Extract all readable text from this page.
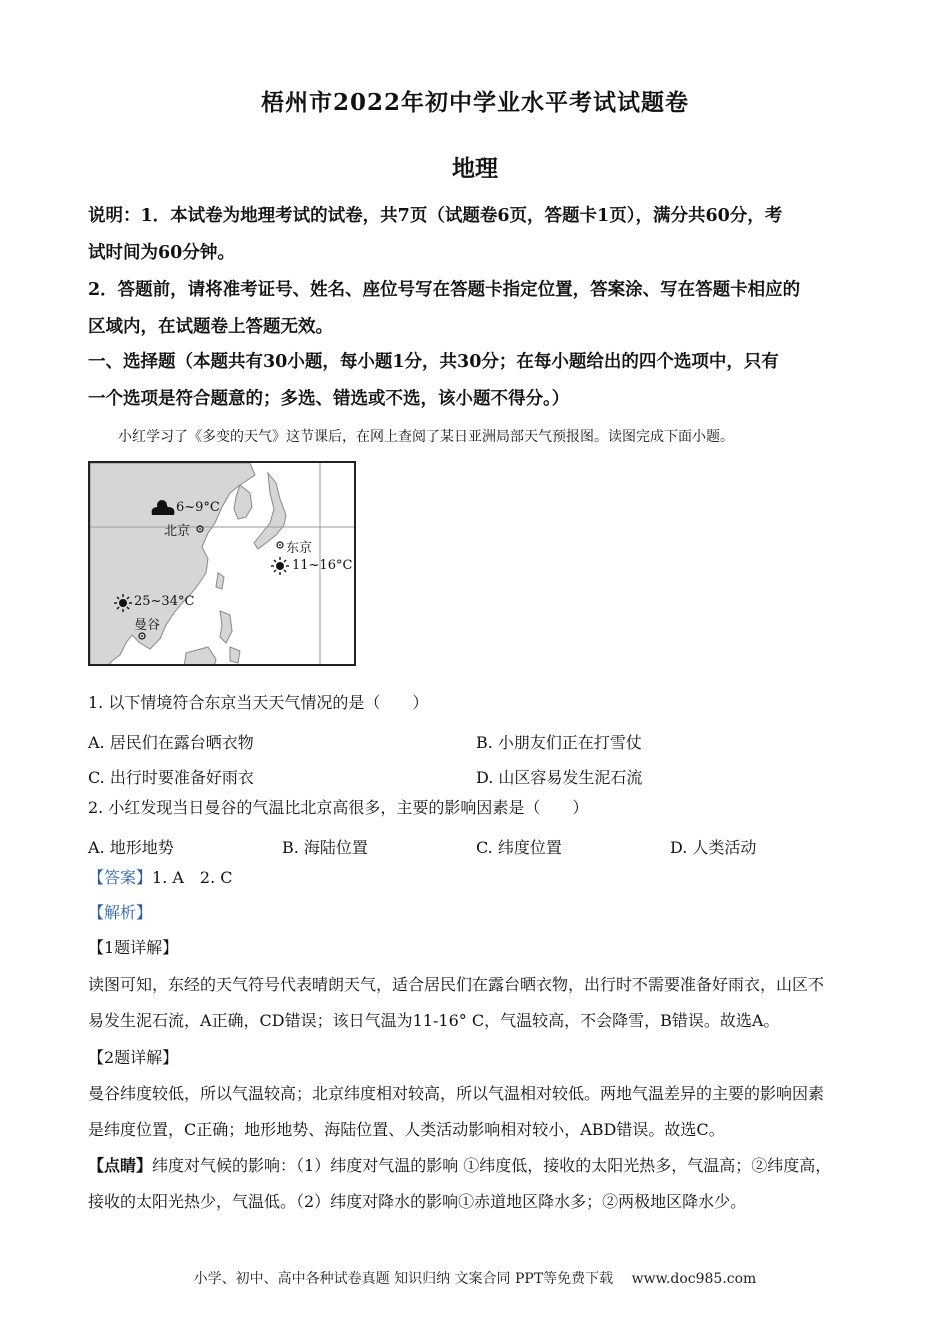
梧州市2022年初中学业水平考试试题卷
地理
说明：1．本试卷为地理考试的试卷，共7页（试题卷6页，答题卡1页），满分共60分，考
试时间为60分钟。
2．答题前，请将准考证号、姓名、座位号写在答题卡指定位置，答案涂、写在答题卡相应的
区域内，在试题卷上答题无效。
一、选择题（本题共有30小题，每小题1分，共30分；在每小题给出的四个选项中，只有
一个选项是符合题意的；多选、错选或不选，该小题不得分。）
小红学习了《多变的天气》这节课后，在网上查阅了某日亚洲局部天气预报图。读图完成下面小题。
6~9°C
北京
东京
11~16°C
25~34°C
曼谷
1. 以下情境符合东京当天天气情况的是（　　）
A. 居民们在露台晒衣物	B. 小朋友们正在打雪仗
C. 出行时要准备好雨衣	D. 山区容易发生泥石流
2. 小红发现当日曼谷的气温比北京高很多，主要的影响因素是（　　）
A. 地形地势	B. 海陆位置	C. 纬度位置	D. 人类活动
【答案】1. A　2. C
【解析】
【1题详解】
读图可知，东经的天气符号代表晴朗天气，适合居民们在露台晒衣物，出行时不需要准备好雨衣，山区不
易发生泥石流，A正确，CD错误；该日气温为11-16° C，气温较高，不会降雪，B错误。故选A。
【2题详解】
曼谷纬度较低，所以气温较高；北京纬度相对较高，所以气温相对较低。两地气温差异的主要的影响因素
是纬度位置，C正确；地形地势、海陆位置、人类活动影响相对较小，ABD错误。故选C。
【点睛】纬度对气候的影响：（1）纬度对气温的影响 ①纬度低，接收的太阳光热多，气温高；②纬度高，
接收的太阳光热少，气温低。（2）纬度对降水的影响①赤道地区降水多；②两极地区降水少。
小学、初中、高中各种试卷真题 知识归纳 文案合同 PPT等免费下载　 www.doc985.com
